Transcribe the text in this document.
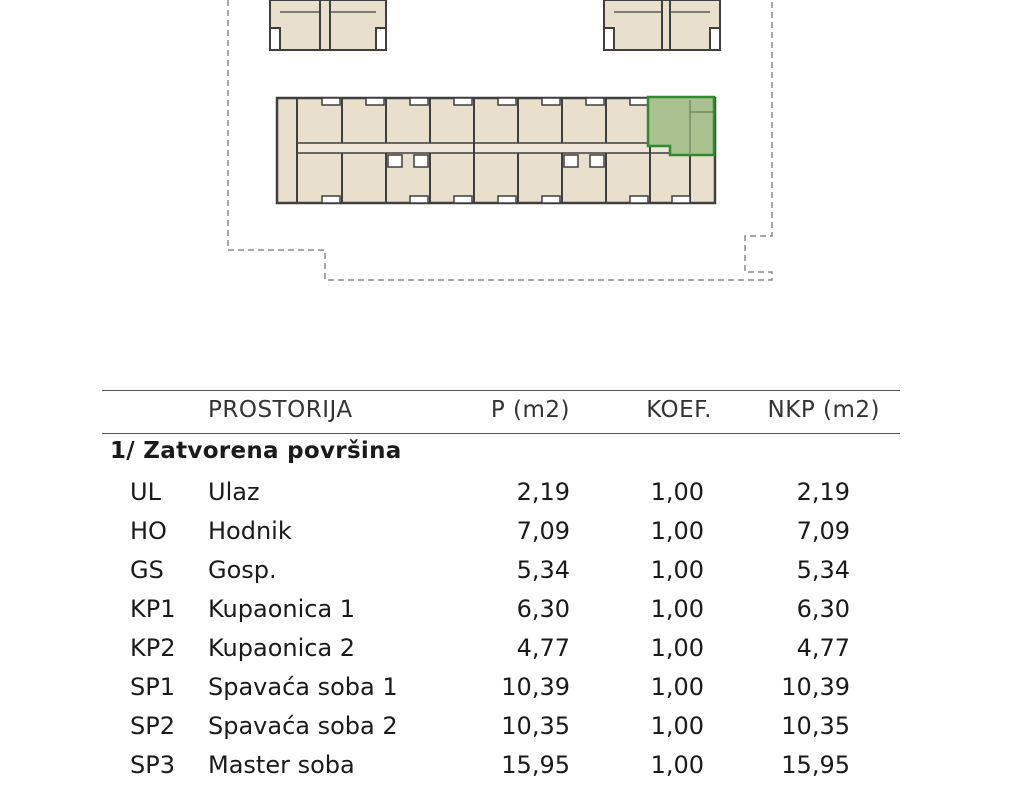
PROSTORIJA	P (m2)	KOEF. NKP (m2)
1/ Zatvorena površina
UL Ulaz	2,19	1,00	2,19
HO Hodnik	7,09	1,00	7,09
GS Gosp.	5,34	1,00	5,34
KP1 Kupaonica 1	6,30	1,00	6,30
KP2 Kupaonica 2	4,77	1,00	4,77
SP1 Spavaća soba 1	10,39	1,00	10,39
SP2 Spavaća soba 2	10,35	1,00	10,35
SP3 Master soba	15,95	1,00	15,95
